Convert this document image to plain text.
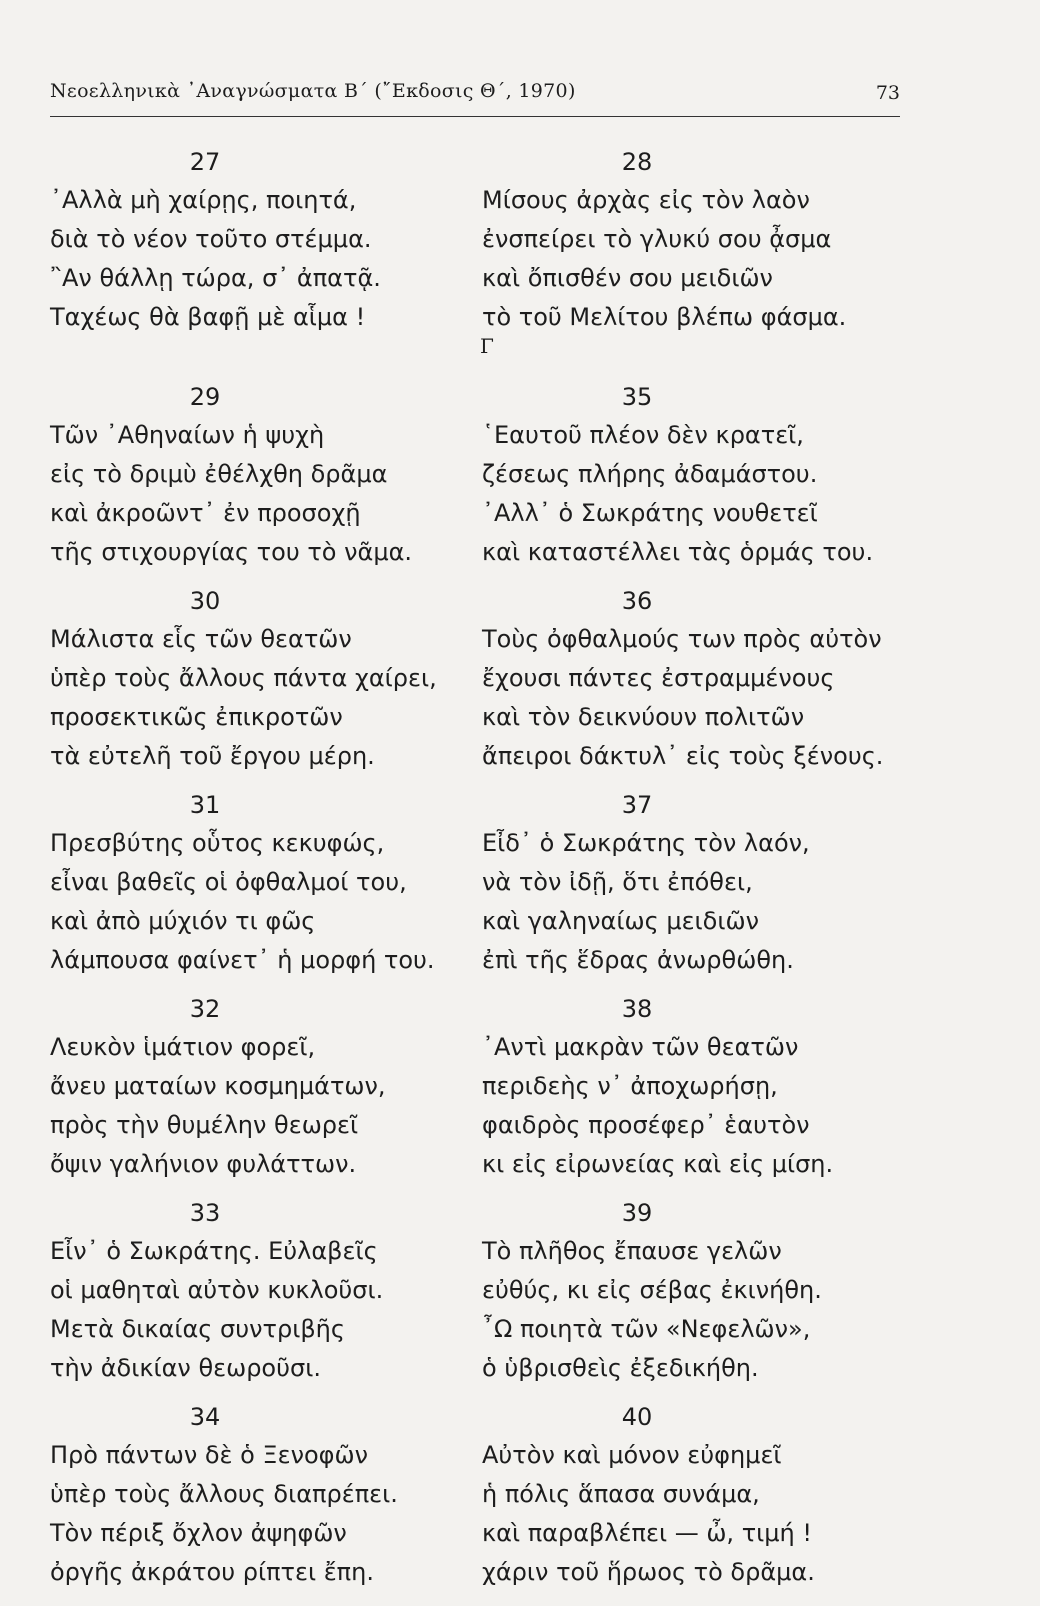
Νεοελληνικὰ ᾿Αναγνώσματα Β΄ (῎Εκδοσις Θ΄, 1970)	73
Γ
27
᾿Αλλὰ μὴ χαίρῃς, ποιητά,
διὰ τὸ νέον τοῦτο στέμμα.
῍Αν θάλλῃ τώρα, σ᾽ ἀπατᾷ.
Ταχέως θὰ βαφῇ μὲ αἷμα !
29
Τῶν ᾿Αθηναίων ἡ ψυχὴ
εἰς τὸ δριμὺ ἐθέλχθη δρᾶμα
καὶ ἀκροῶντ᾽ ἐν προσοχῇ
τῆς στιχουργίας του τὸ νᾶμα.
30
Μάλιστα εἷς τῶν θεατῶν
ὑπὲρ τοὺς ἄλλους πάντα χαίρει,
προσεκτικῶς ἐπικροτῶν
τὰ εὐτελῆ τοῦ ἔργου μέρη.
31
Πρεσβύτης οὗτος κεκυφώς,
εἶναι βαθεῖς οἱ ὀφθαλμοί του,
καὶ ἀπὸ μύχιόν τι φῶς
λάμπουσα φαίνετ᾽ ἡ μορφή του.
32
Λευκὸν ἱμάτιον φορεῖ,
ἄνευ ματαίων κοσμημάτων,
πρὸς τὴν θυμέλην θεωρεῖ
ὄψιν γαλήνιον φυλάττων.
33
Εἶν᾽ ὁ Σωκράτης. Εὐλαβεῖς
οἱ μαθηταὶ αὐτὸν κυκλοῦσι.
Μετὰ δικαίας συντριβῆς
τὴν ἀδικίαν θεωροῦσι.
34
Πρὸ πάντων δὲ ὁ Ξενοφῶν
ὑπὲρ τοὺς ἄλλους διαπρέπει.
Τὸν πέριξ ὄχλον ἀψηφῶν
ὀργῆς ἀκράτου ρίπτει ἔπη.
28
Μίσους ἀρχὰς εἰς τὸν λαὸν
ἐνσπείρει τὸ γλυκύ σου ᾆσμα
καὶ ὄπισθέν σου μειδιῶν
τὸ τοῦ Μελίτου βλέπω φάσμα.
35
῾Εαυτοῦ πλέον δὲν κρατεῖ,
ζέσεως πλήρης ἀδαμάστου.
᾿Αλλ᾽ ὁ Σωκράτης νουθετεῖ
καὶ καταστέλλει τὰς ὁρμάς του.
36
Τοὺς ὀφθαλμούς των πρὸς αὐτὸν
ἔχουσι πάντες ἐστραμμένους
καὶ τὸν δεικνύουν πολιτῶν
ἄπειροι δάκτυλ᾽ εἰς τοὺς ξένους.
37
Εἶδ᾽ ὁ Σωκράτης τὸν λαόν,
νὰ τὸν ἰδῇ, ὅτι ἐπόθει,
καὶ γαληναίως μειδιῶν
ἐπὶ τῆς ἕδρας ἀνωρθώθη.
38
᾿Αντὶ μακρὰν τῶν θεατῶν
περιδεὴς ν᾽ ἀποχωρήσῃ,
φαιδρὸς προσέφερ᾽ ἑαυτὸν
κι εἰς εἰρωνείας καὶ εἰς μίση.
39
Τὸ πλῆθος ἔπαυσε γελῶν
εὐθύς, κι εἰς σέβας ἐκινήθη.
῏Ω ποιητὰ τῶν «Νεφελῶν»,
ὁ ὑβρισθεὶς ἐξεδικήθη.
40
Αὐτὸν καὶ μόνον εὐφημεῖ
ἡ πόλις ἅπασα συνάμα,
καὶ παραβλέπει — ὦ, τιμή !
χάριν τοῦ ἥρωος τὸ δρᾶμα.
